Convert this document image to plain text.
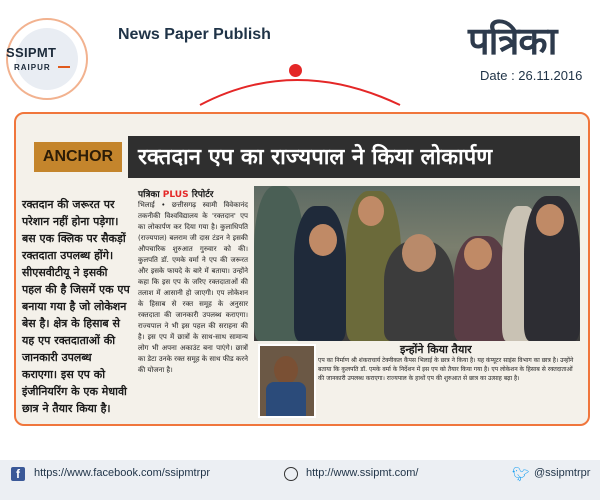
SSIPMT
RAIPUR
News Paper Publish	पत्रिका
Date : 26.11.2016
ANCHOR	रक्तदान एप का राज्यपाल ने किया लोकार्पण
रक्तदान की जरूरत पर परेशान नहीं होना पड़ेगा। बस एक क्लिक पर सैकड़ों रक्तदाता उपलब्ध होंगे। सीएसवीटीयू ने इसकी पहल की है जिसमें एक एप बनाया गया है जो लोकेशन बेस है। क्षेत्र के हिसाब से यह एप रक्तदाताओं की जानकारी उपलब्ध कराएगा। इस एप को इंजीनियरिंग के एक मेधावी छात्र ने तैयार किया है।
पत्रिका PLUS रिपोर्टर
भिलाई • छत्तीसगढ़ स्वामी विवेकानंद तकनीकी विश्वविद्यालय के 'रक्तदान' एप का लोकार्पण कर दिया गया है। कुलाधिपति (राज्यपाल) बलराम जी दास टंडन ने इसकी औपचारिक शुरुआत गुरुवार को की। कुलपति डॉ. एमके वर्मा ने एप की जरूरत और इसके फायदे के बारे में बताया। उन्होंने कहा कि इस एप के जरिए रक्तदाताओं की तलाश में आसानी हो जाएगी। एप लोकेशन के हिसाब से रक्त समूह के अनुसार रक्तदाता की जानकारी उपलब्ध कराएगा। राज्यपाल ने भी इस पहल की सराहना की है। इस एप में छात्रों के साथ-साथ सामान्य लोग भी अपना अकाउंट बना पाएंगे। छात्रों का डेटा उनके रक्त समूह के साथ फीड करने की योजना है।
इन्होंने किया तैयार
एप का निर्माण श्री शंकराचार्य टेक्नीकल कैंपस भिलाई के छात्र ने किया है। यह कंप्यूटर साइंस विभाग का छात्र है। उन्होंने बताया कि कुलपति डॉ. एमके वर्मा के निर्देशन में इस एप को तैयार किया गया है। एप लोकेशन के हिसाब से रक्तदाताओं की जानकारी उपलब्ध कराएगा। राज्यपाल के हाथों एप की शुरुआत से छात्र का उत्साह बढ़ा है।
f	https://www.facebook.com/ssipmtrpr	http://www.ssipmt.com/	🐦︎ @ssipmtrpr
